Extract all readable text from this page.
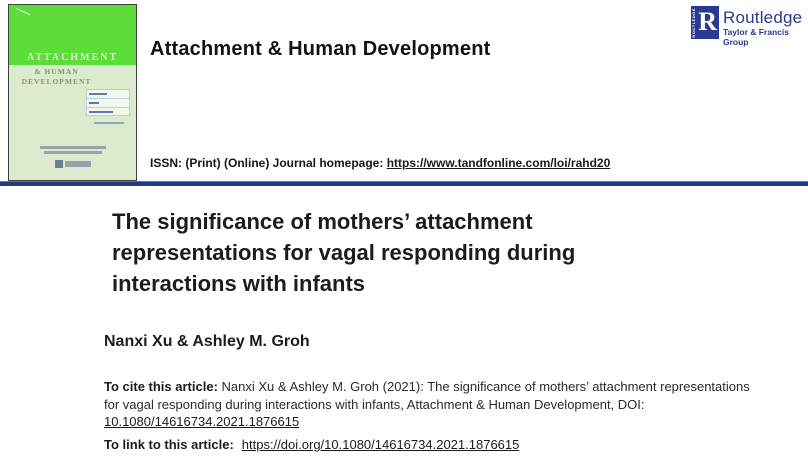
ATTACHMENT
& HUMAN DEVELOPMENT
Attachment & Human Development
ROUTLEDGE R Routledge
Taylor & Francis Group
ISSN: (Print) (Online) Journal homepage: https://www.tandfonline.com/loi/rahd20
The significance of mothers’ attachment representations for vagal responding during interactions with infants
Nanxi Xu & Ashley M. Groh

To cite this article: Nanxi Xu & Ashley M. Groh (2021): The significance of mothers’ attachment representations for vagal responding during interactions with infants, Attachment & Human Development, DOI: 10.1080/14616734.2021.1876615

To link to this article: https://doi.org/10.1080/14616734.2021.1876615
